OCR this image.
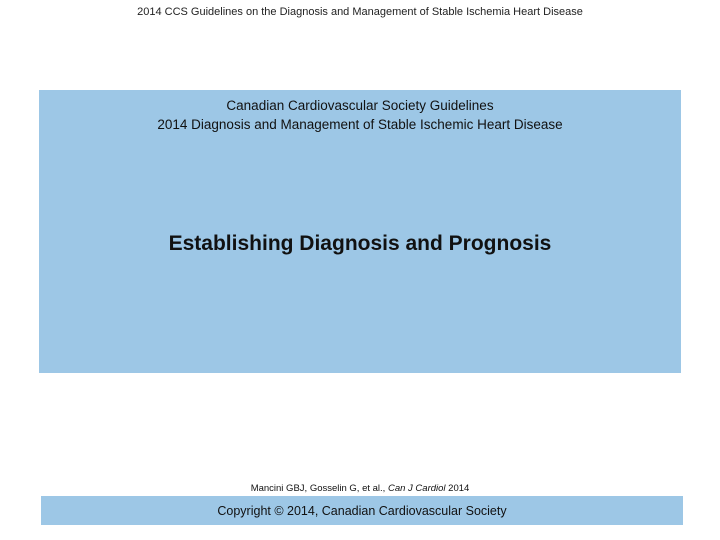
2014 CCS Guidelines on the Diagnosis and Management of Stable Ischemia Heart Disease
Canadian Cardiovascular Society Guidelines
2014 Diagnosis and Management of Stable Ischemic Heart Disease
Establishing Diagnosis and Prognosis
Mancini GBJ, Gosselin G, et al., Can J Cardiol 2014
Copyright © 2014, Canadian Cardiovascular Society
